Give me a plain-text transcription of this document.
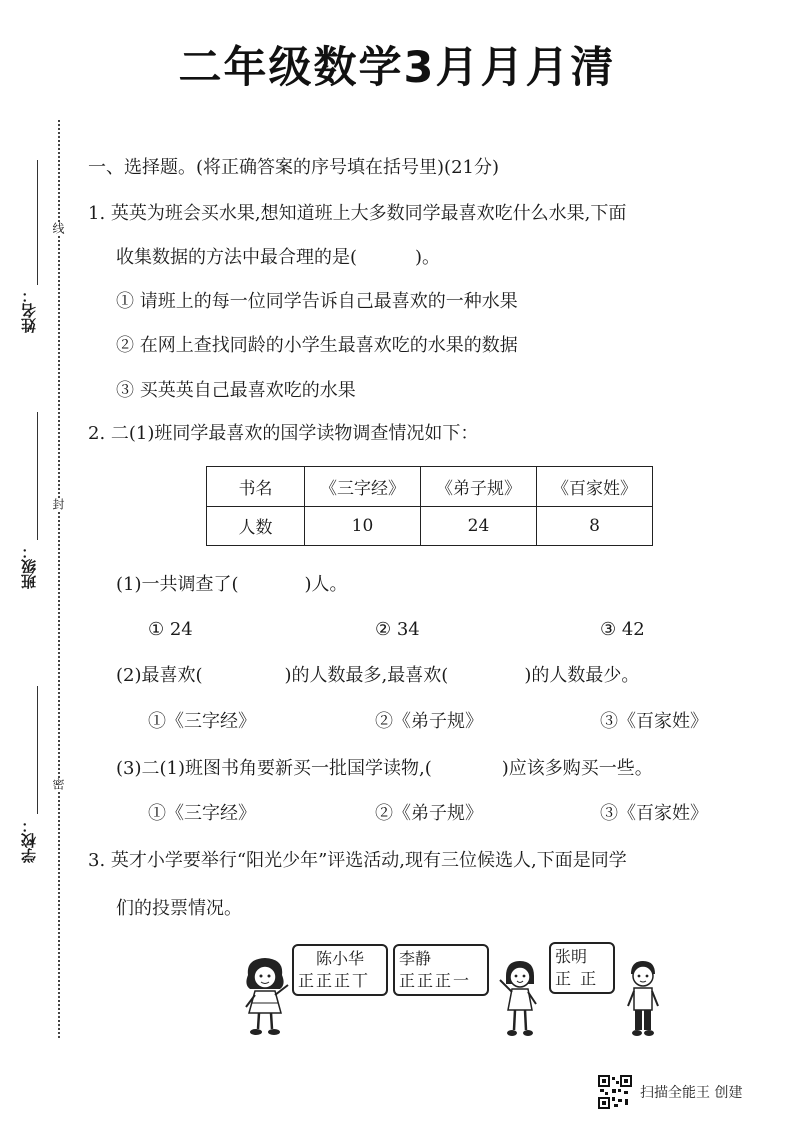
二年级数学3月月月清
线
封
密
姓名：
班级：
学校：
一、选择题。(将正确答案的序号填在括号里)(21分)
1. 英英为班会买水果,想知道班上大多数同学最喜欢吃什么水果,下面
收集数据的方法中最合理的是(	)。
① 请班上的每一位同学告诉自己最喜欢的一种水果
② 在网上查找同龄的小学生最喜欢吃的水果的数据
③ 买英英自己最喜欢吃的水果
2. 二(1)班同学最喜欢的国学读物调查情况如下：
书名	《三字经》	《弟子规》	《百家姓》
人数	10	24	8
(1)一共调查了(	)人。
① 24	② 34	③ 42
(2)最喜欢(	)的人数最多,最喜欢(	)的人数最少。
①《三字经》	②《弟子规》	③《百家姓》
(3)二(1)班图书角要新买一批国学读物,(	)应该多购买一些。
①《三字经》	②《弟子规》	③《百家姓》
3. 英才小学要举行“阳光少年”评选活动,现有三位候选人,下面是同学
们的投票情况。
陈小华
正正正丅
李静
正正正一
张明
正 正
扫描全能王 创建
